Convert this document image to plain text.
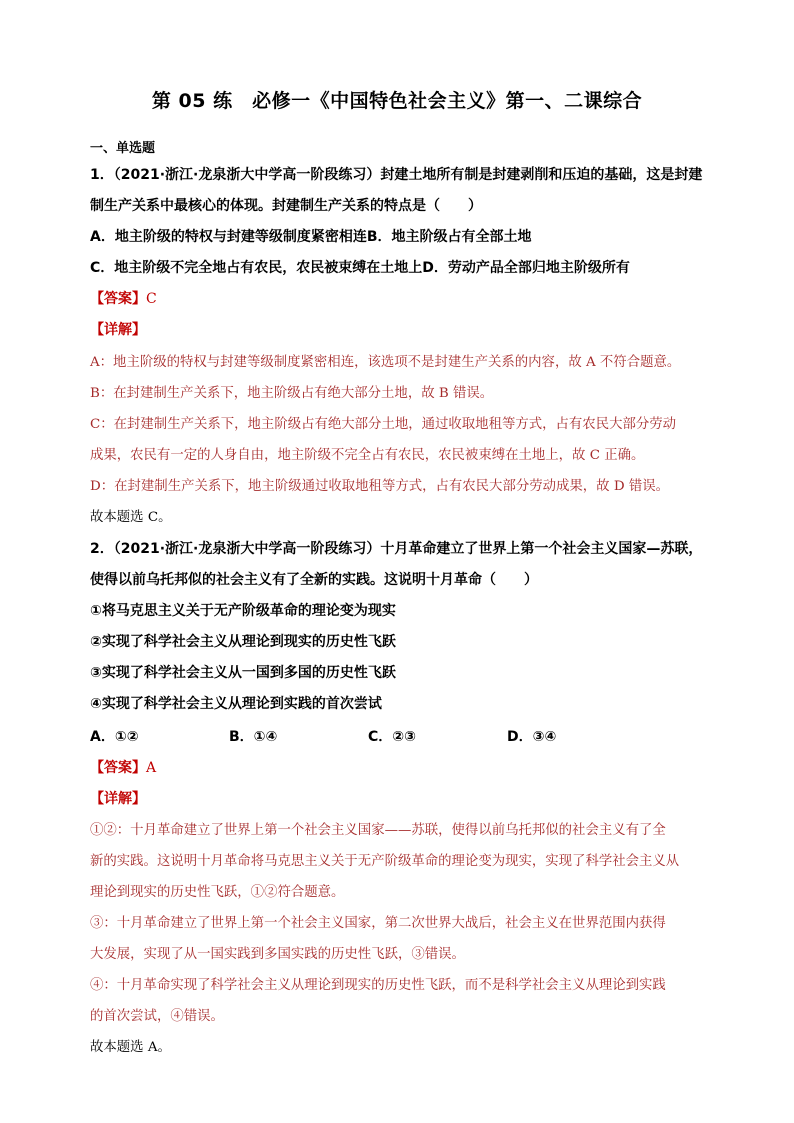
第 05 练　必修一《中国特色社会主义》第一、二课综合
一、单选题
1．（2021·浙江·龙泉浙大中学高一阶段练习）封建土地所有制是封建剥削和压迫的基础，这是封建
制生产关系中最核心的体现。封建制生产关系的特点是（　　）
A．地主阶级的特权与封建等级制度紧密相连B．地主阶级占有全部土地
C．地主阶级不完全地占有农民，农民被束缚在土地上D．劳动产品全部归地主阶级所有
【答案】C
【详解】
A：地主阶级的特权与封建等级制度紧密相连，该选项不是封建生产关系的内容，故 A 不符合题意。
B：在封建制生产关系下，地主阶级占有绝大部分土地，故 B 错误。
C：在封建制生产关系下，地主阶级占有绝大部分土地，通过收取地租等方式，占有农民大部分劳动
成果，农民有一定的人身自由，地主阶级不完全占有农民，农民被束缚在土地上，故 C 正确。
D：在封建制生产关系下，地主阶级通过收取地租等方式，占有农民大部分劳动成果，故 D 错误。
故本题选 C。
2．（2021·浙江·龙泉浙大中学高一阶段练习）十月革命建立了世界上第一个社会主义国家—苏联，
使得以前乌托邦似的社会主义有了全新的实践。这说明十月革命（　　）
①将马克思主义关于无产阶级革命的理论变为现实
②实现了科学社会主义从理论到现实的历史性飞跃
③实现了科学社会主义从一国到多国的历史性飞跃
④实现了科学社会主义从理论到实践的首次尝试
A．①②	B．①④	C．②③	D．③④
【答案】A
【详解】
①②：十月革命建立了世界上第一个社会主义国家——苏联，使得以前乌托邦似的社会主义有了全
新的实践。这说明十月革命将马克思主义关于无产阶级革命的理论变为现实，实现了科学社会主义从
理论到现实的历史性飞跃，①②符合题意。
③：十月革命建立了世界上第一个社会主义国家，第二次世界大战后，社会主义在世界范围内获得
大发展，实现了从一国实践到多国实践的历史性飞跃，③错误。
④：十月革命实现了科学社会主义从理论到现实的历史性飞跃，而不是科学社会主义从理论到实践
的首次尝试，④错误。
故本题选 A。
